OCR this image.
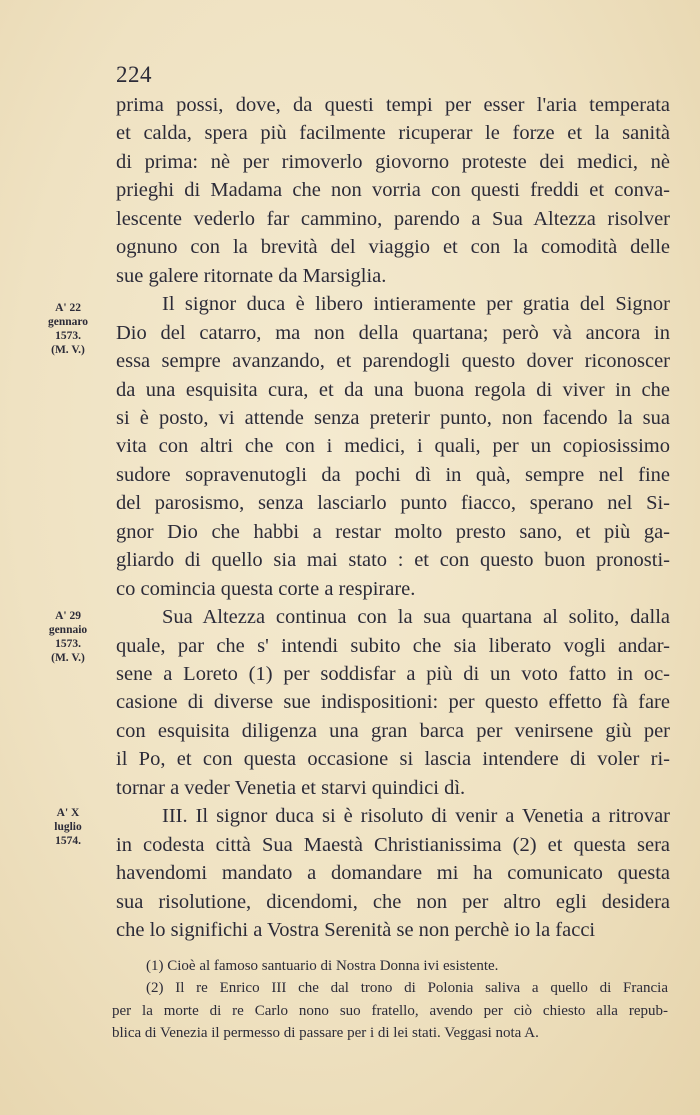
224
A' 22
gennaro
1573.
(M. V.)
A' 29
gennaio
1573.
(M. V.)
A' X
luglio
1574.
prima possi, dove, da questi tempi per esser l'aria temperata
et calda, spera più facilmente ricuperar le forze et la sanità
di prima: nè per rimoverlo giovorno proteste dei medici, nè
prieghi di Madama che non vorria con questi freddi et conva-
lescente vederlo far cammino, parendo a Sua Altezza risolver
ognuno con la brevità del viaggio et con la comodità delle
sue galere ritornate da Marsiglia.
Il signor duca è libero intieramente per gratia del Signor
Dio del catarro, ma non della quartana; però và ancora in
essa sempre avanzando, et parendogli questo dover riconoscer
da una esquisita cura, et da una buona regola di viver in che
si è posto, vi attende senza preterir punto, non facendo la sua
vita con altri che con i medici, i quali, per un copiosissimo
sudore sopravenutogli da pochi dì in quà, sempre nel fine
del parosismo, senza lasciarlo punto fiacco, sperano nel Si-
gnor Dio che habbi a restar molto presto sano, et più ga-
gliardo di quello sia mai stato : et con questo buon pronosti-
co comincia questa corte a respirare.
Sua Altezza continua con la sua quartana al solito, dalla
quale, par che s' intendi subito che sia liberato vogli andar-
sene a Loreto (1) per soddisfar a più di un voto fatto in oc-
casione di diverse sue indispositioni: per questo effetto fà fare
con esquisita diligenza una gran barca per venirsene giù per
il Po, et con questa occasione si lascia intendere di voler ri-
tornar a veder Venetia et starvi quindici dì.
III. Il signor duca si è risoluto di venir a Venetia a ritrovar
in codesta città Sua Maestà Christianissima (2) et questa sera
havendomi mandato a domandare mi ha comunicato questa
sua risolutione, dicendomi, che non per altro egli desidera
che lo significhi a Vostra Serenità se non perchè io la facci
(1) Cioè al famoso santuario di Nostra Donna ivi esistente.
(2) Il re Enrico III che dal trono di Polonia saliva a quello di Francia
per la morte di re Carlo nono suo fratello, avendo per ciò chiesto alla repub-
blica di Venezia il permesso di passare per i di lei stati. Veggasi nota A.
